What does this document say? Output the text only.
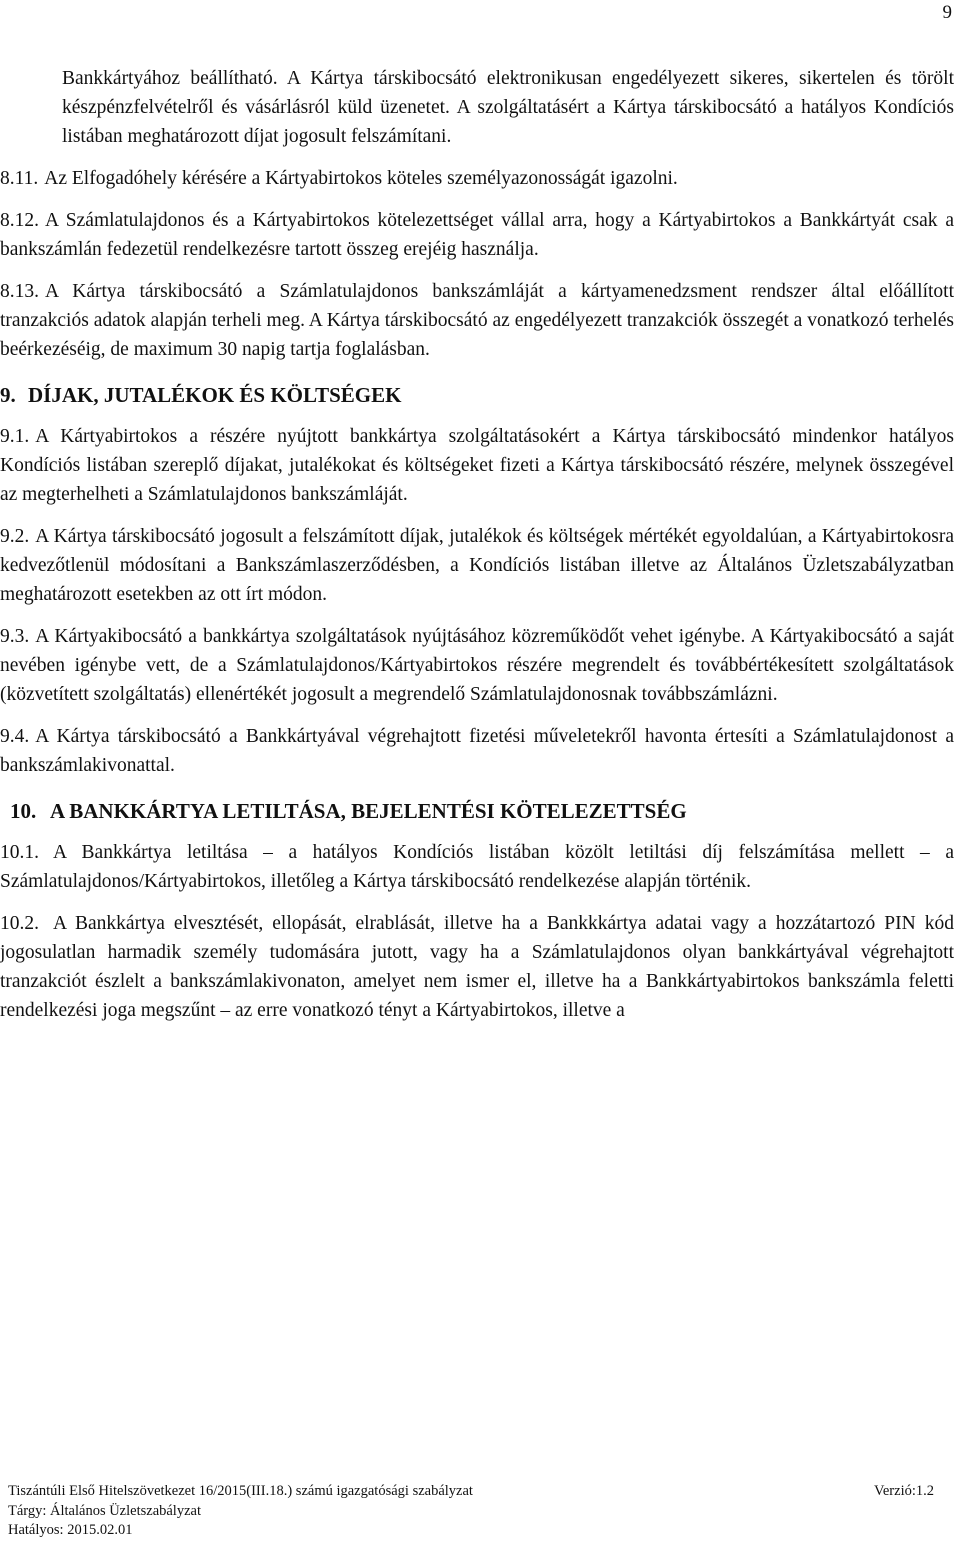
9

Bankkártyához beállítható. A Kártya társkibocsátó elektronikusan engedélyezett sikeres, sikertelen és törölt készpénzfelvételről és vásárlásról küld üzenetet. A szolgáltatásért a Kártya társkibocsátó a hatályos Kondíciós listában meghatározott díjat jogosult felszámítani.

8.11. Az Elfogadóhely kérésére a Kártyabirtokos köteles személyazonosságát igazolni.

8.12. A Számlatulajdonos és a Kártyabirtokos kötelezettséget vállal arra, hogy a Kártyabirtokos a Bankkártyát csak a bankszámlán fedezetül rendelkezésre tartott összeg erejéig használja.

8.13. A Kártya társkibocsátó a Számlatulajdonos bankszámláját a kártyamenedzsment rendszer által előállított tranzakciós adatok alapján terheli meg. A Kártya társkibocsátó az engedélyezett tranzakciók összegét a vonatkozó terhelés beérkezéséig, de maximum 30 napig tartja foglalásban.

9. DÍJAK, JUTALÉKOK ÉS KÖLTSÉGEK

9.1. A Kártyabirtokos a részére nyújtott bankkártya szolgáltatásokért a Kártya társkibocsátó mindenkor hatályos Kondíciós listában szereplő díjakat, jutalékokat és költségeket fizeti a Kártya társkibocsátó részére, melynek összegével az megterhelheti a Számlatulajdonos bankszámláját.

9.2. A Kártya társkibocsátó jogosult a felszámított díjak, jutalékok és költségek mértékét egyoldalúan, a Kártyabirtokosra kedvezőtlenül módosítani a Bankszámlaszerződésben, a Kondíciós listában illetve az Általános Üzletszabályzatban meghatározott esetekben az ott írt módon.

9.3. A Kártyakibocsátó a bankkártya szolgáltatások nyújtásához közreműködőt vehet igénybe. A Kártyakibocsátó a saját nevében igénybe vett, de a Számlatulajdonos/Kártyabirtokos részére megrendelt és továbbértékesített szolgáltatások (közvetített szolgáltatás) ellenértékét jogosult a megrendelő Számlatulajdonosnak továbbszámlázni.

9.4. A Kártya társkibocsátó a Bankkártyával végrehajtott fizetési műveletekről havonta értesíti a Számlatulajdonost a bankszámlakivonattal.

10. A BANKKÁRTYA LETILTÁSA, BEJELENTÉSI KÖTELEZETTSÉG

10.1. A Bankkártya letiltása – a hatályos Kondíciós listában közölt letiltási díj felszámítása mellett – a Számlatulajdonos/Kártyabirtokos, illetőleg a Kártya társkibocsátó rendelkezése alapján történik.

10.2. A Bankkártya elvesztését, ellopását, elrablását, illetve ha a Bankkkártya adatai vagy a hozzátartozó PIN kód jogosulatlan harmadik személy tudomására jutott, vagy ha a Számlatulajdonos olyan bankkártyával végrehajtott tranzakciót észlelt a bankszámlakivonaton, amelyet nem ismer el, illetve ha a Bankkártyabirtokos bankszámla feletti rendelkezési joga megszűnt – az erre vonatkozó tényt a Kártyabirtokos, illetve a

Tiszántúli Első Hitelszövetkezet 16/2015(III.18.) számú igazgatósági szabályzat	Verzió:1.2
Tárgy: Általános Üzletszabályzat
Hatályos: 2015.02.01
